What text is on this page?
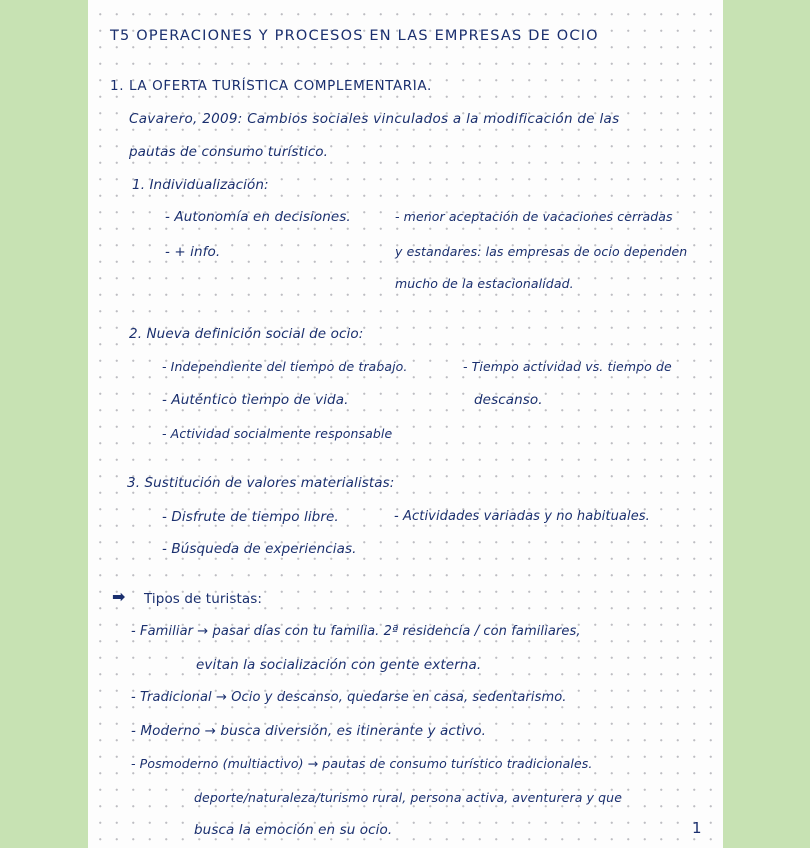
T5 OPERACIONES Y PROCESOS EN LAS EMPRESAS DE OCIO
1. LA OFERTA TURÍSTICA COMPLEMENTARIA.
Cavarero, 2009: Cambios sociales vinculados a la modificación de las
pautas de consumo turístico.
1. Individualización:
- Autonomía en decisiones.
- + info.
- menor aceptación de vacaciones cerradas
y estandares: las empresas de ocio dependen
mucho de la estacionalidad.
2. Nueva definición social de ocio:
- Independiente del tiempo de trabajo.
- Auténtico tiempo de vida.
- Actividad socialmente responsable
- Tiempo actividad vs. tiempo de
descanso.
3. Sustitución de valores materialistas:
- Disfrute de tiempo libre.
- Búsqueda de experiencias.
- Actividades variadas y no habituales.
➡ Tipos de turistas:
- Familiar → pasar días con tu familia. 2ª residencia / con familiares,
evitan la socialización con gente externa.
- Tradicional → Ocio y descanso, quedarse en casa, sedentarismo.
- Moderno → busca diversión, es itinerante y activo.
- Posmoderno (multiactivo) → pautas de consumo turístico tradicionales.
deporte/naturaleza/turismo rural, persona activa, aventurera y que
busca la emoción en su ocio.	1
